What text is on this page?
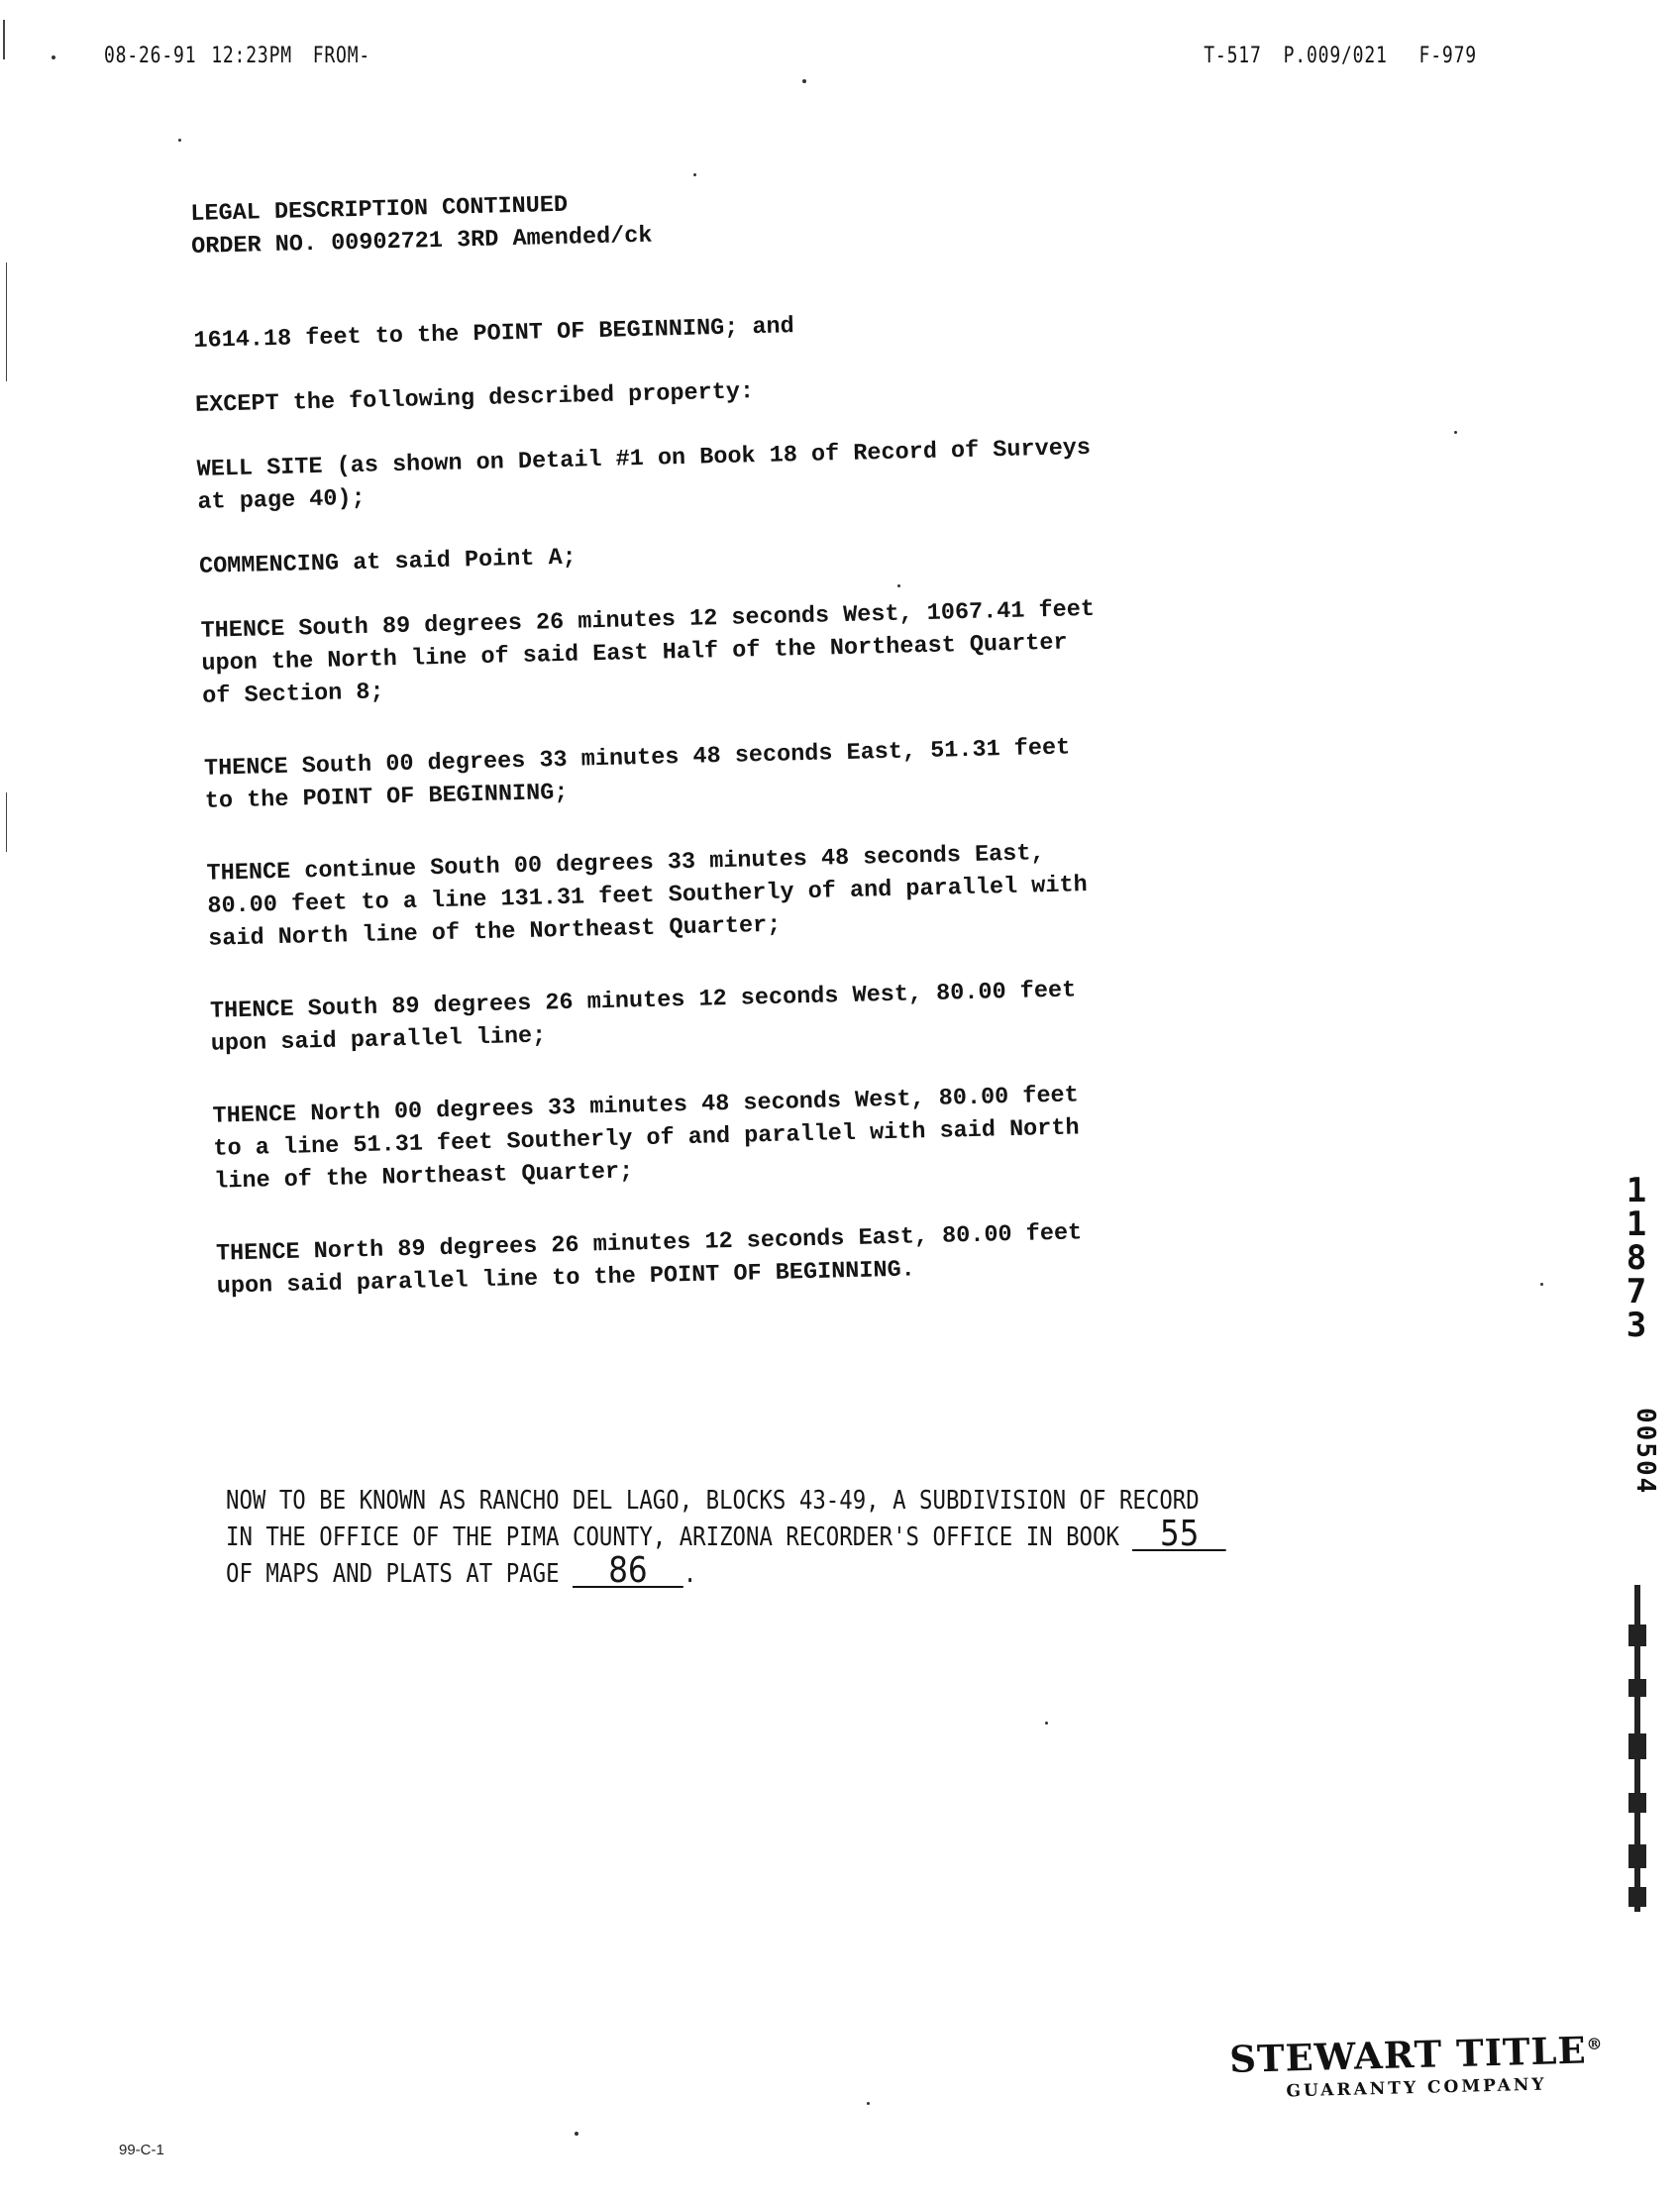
08-26-91 12:23PM FROM-	T-517 P.009/021 F-979

LEGAL DESCRIPTION CONTINUED

ORDER NO. 00902721 3RD Amended/ck

1614.18 feet to the POINT OF BEGINNING; and

EXCEPT the following described property:

WELL SITE (as shown on Detail #1 on Book 18 of Record of Surveys
at page 40);

COMMENCING at said Point A;

THENCE South 89 degrees 26 minutes 12 seconds West, 1067.41 feet
upon the North line of said East Half of the Northeast Quarter
of Section 8;

THENCE South 00 degrees 33 minutes 48 seconds East, 51.31 feet
to the POINT OF BEGINNING;

THENCE continue South 00 degrees 33 minutes 48 seconds East,
80.00 feet to a line 131.31 feet Southerly of and parallel with
said North line of the Northeast Quarter;

THENCE South 89 degrees 26 minutes 12 seconds West, 80.00 feet
upon said parallel line;

THENCE North 00 degrees 33 minutes 48 seconds West, 80.00 feet
to a line 51.31 feet Southerly of and parallel with said North
line of the Northeast Quarter;

THENCE North 89 degrees 26 minutes 12 seconds East, 80.00 feet
upon said parallel line to the POINT OF BEGINNING.

NOW TO BE KNOWN AS RANCHO DEL LAGO, BLOCKS 43-49, A SUBDIVISION OF RECORD
IN THE OFFICE OF THE PIMA COUNTY, ARIZONA RECORDER'S OFFICE IN BOOK 55
OF MAPS AND PLATS AT PAGE 86 .
1
1
8
7
3
00504
STEWART TITLE®
GUARANTY COMPANY
99-C-1
